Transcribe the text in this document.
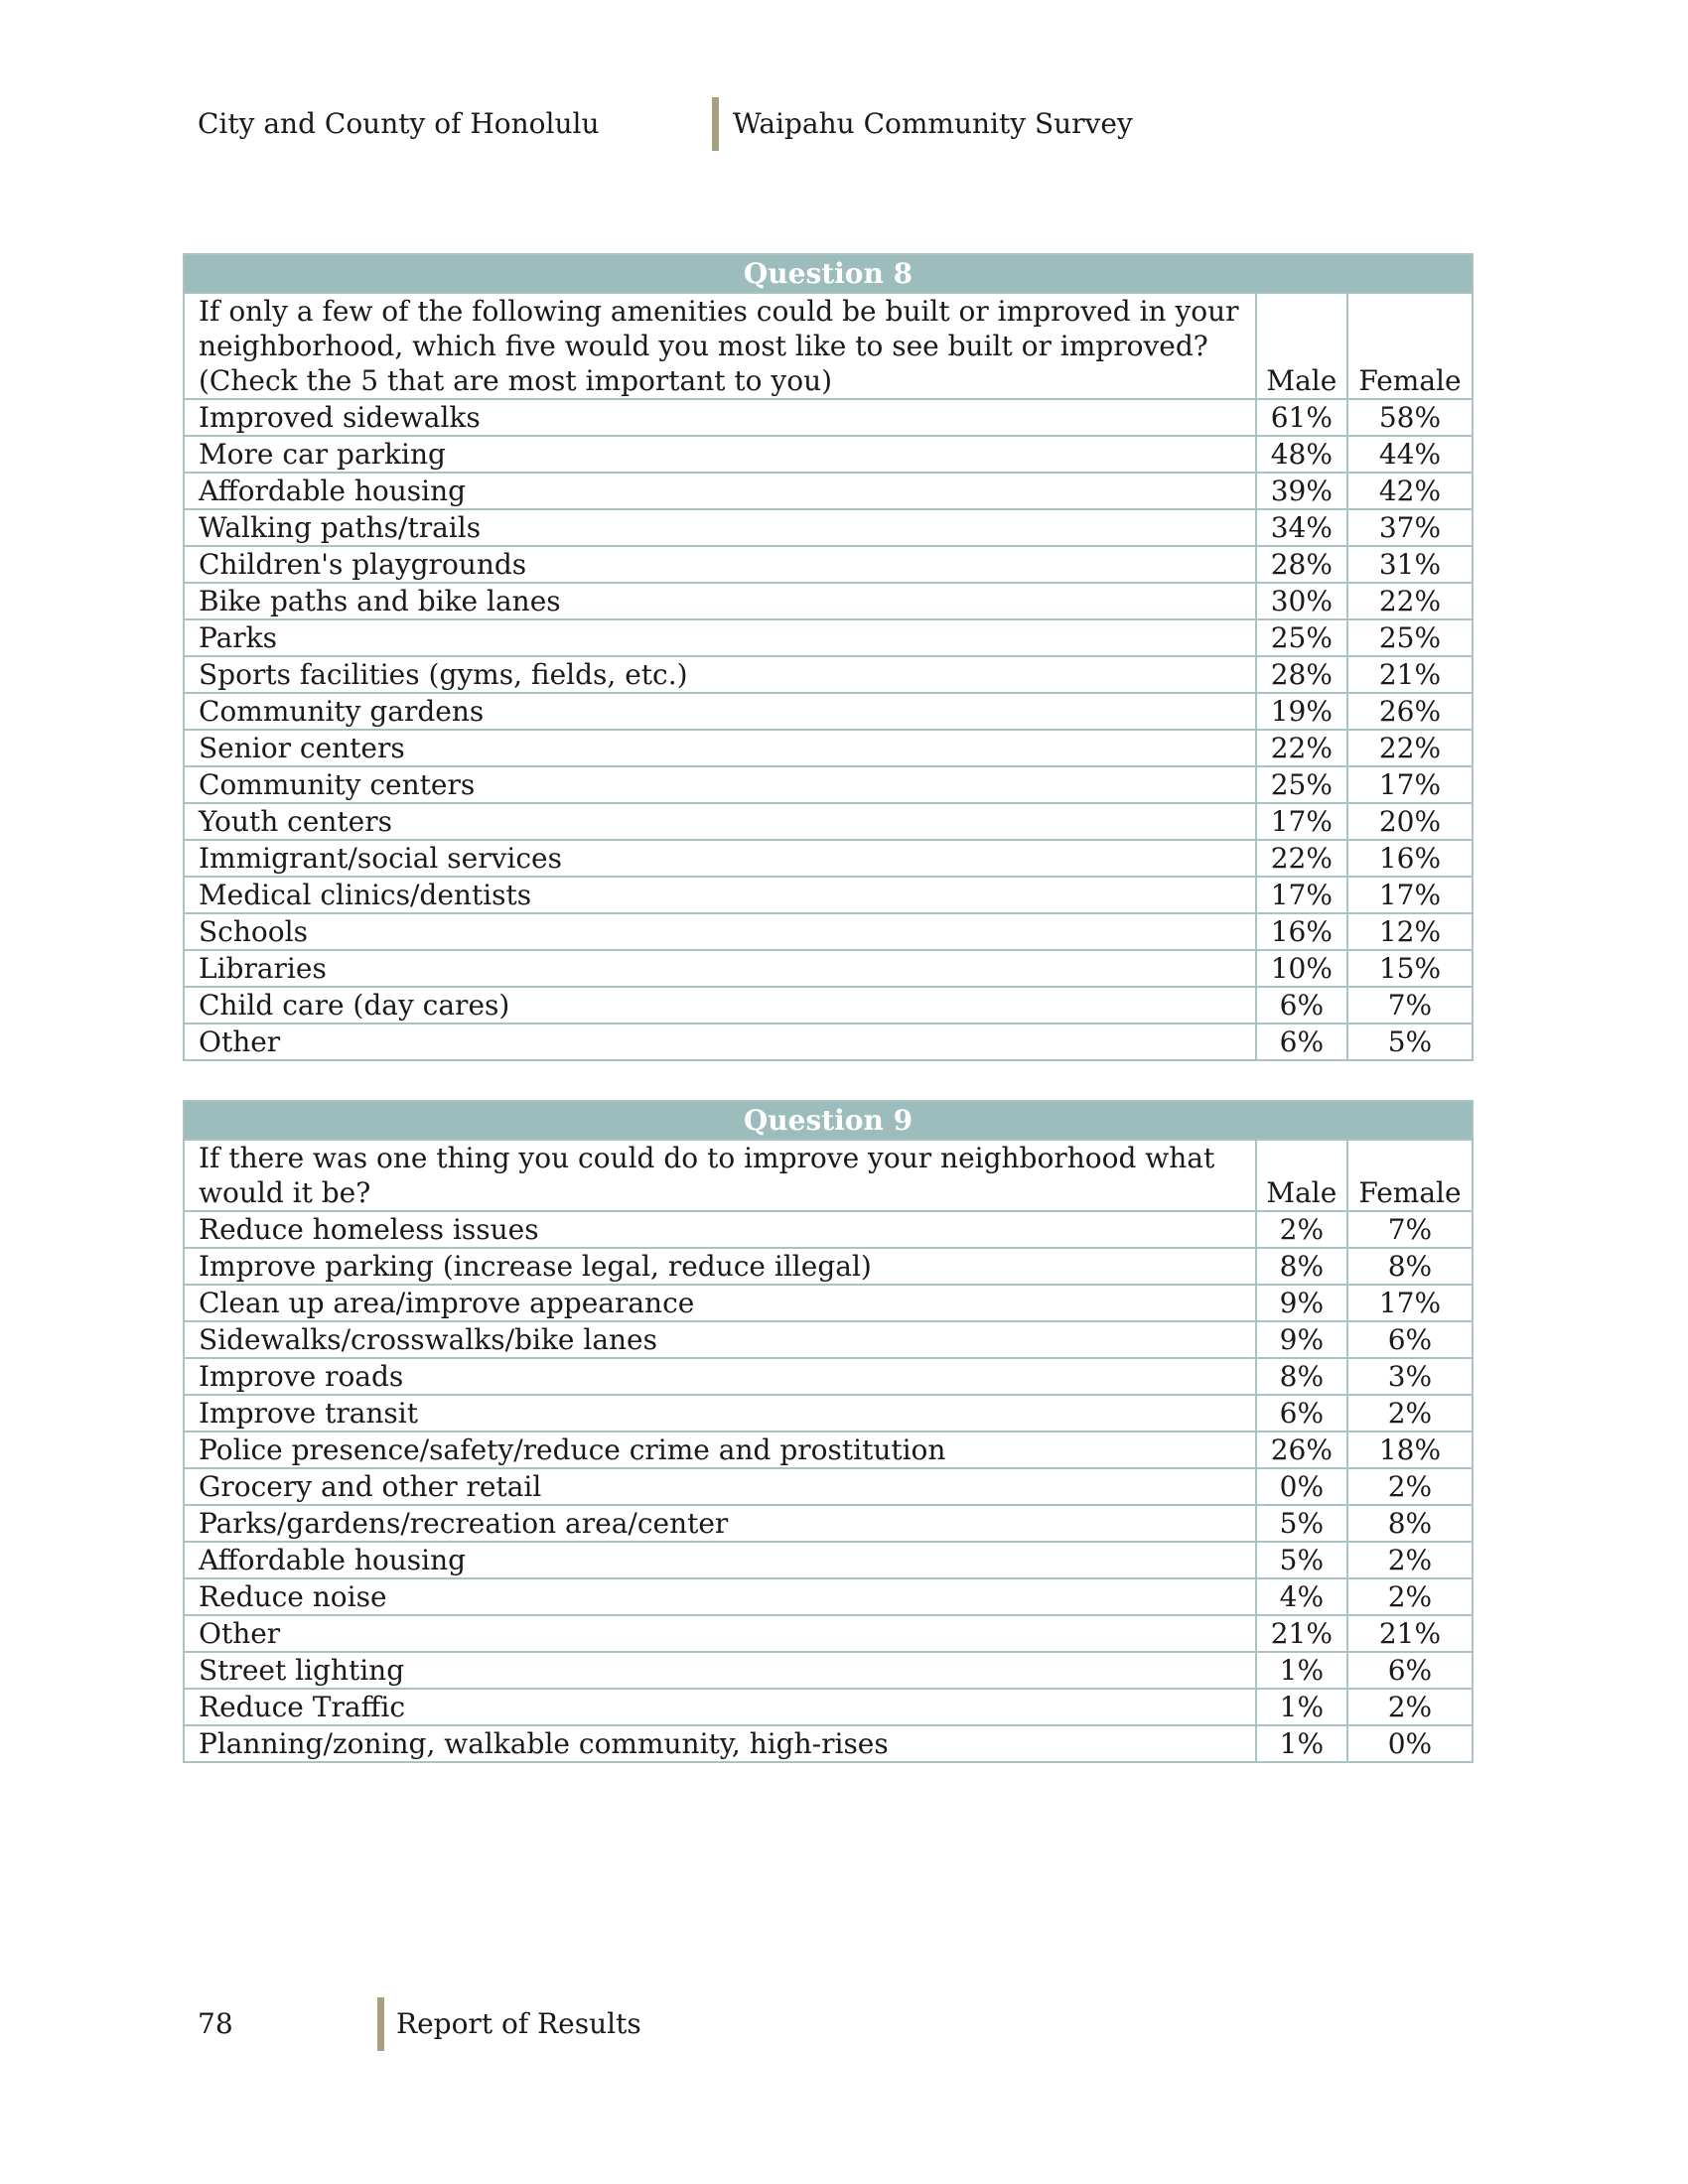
City and County of Honolulu	Waipahu Community Survey
Question 8		
If only a few of the following amenities could be built or improved in your neighborhood, which five would you most like to see built or improved? (Check the 5 that are most important to you)	Male	Female
Improved sidewalks	61%	58%
More car parking	48%	44%
Affordable housing	39%	42%
Walking paths/trails	34%	37%
Children's playgrounds	28%	31%
Bike paths and bike lanes	30%	22%
Parks	25%	25%
Sports facilities (gyms, fields, etc.)	28%	21%
Community gardens	19%	26%
Senior centers	22%	22%
Community centers	25%	17%
Youth centers	17%	20%
Immigrant/social services	22%	16%
Medical clinics/dentists	17%	17%
Schools	16%	12%
Libraries	10%	15%
Child care (day cares)	6%	7%
Other	6%	5%
Question 9		
If there was one thing you could do to improve your neighborhood what would it be?	Male	Female
Reduce homeless issues	2%	7%
Improve parking (increase legal, reduce illegal)	8%	8%
Clean up area/improve appearance	9%	17%
Sidewalks/crosswalks/bike lanes	9%	6%
Improve roads	8%	3%
Improve transit	6%	2%
Police presence/safety/reduce crime and prostitution	26%	18%
Grocery and other retail	0%	2%
Parks/gardens/recreation area/center	5%	8%
Affordable housing	5%	2%
Reduce noise	4%	2%
Other	21%	21%
Street lighting	1%	6%
Reduce Traffic	1%	2%
Planning/zoning, walkable community, high-rises	1%	0%
78	Report of Results
